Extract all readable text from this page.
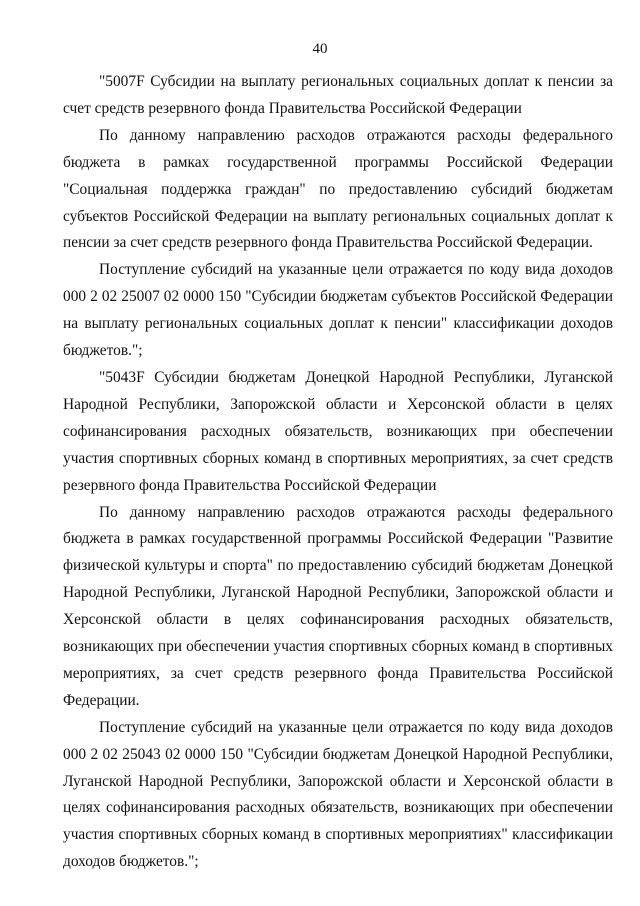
40

"5007F Субсидии на выплату региональных социальных доплат к пенсии за счет средств резервного фонда Правительства Российской Федерации

По данному направлению расходов отражаются расходы федерального бюджета в рамках государственной программы Российской Федерации "Социальная поддержка граждан" по предоставлению субсидий бюджетам субъектов Российской Федерации на выплату региональных социальных доплат к пенсии за счет средств резервного фонда Правительства Российской Федерации.

Поступление субсидий на указанные цели отражается по коду вида доходов 000 2 02 25007 02 0000 150 "Субсидии бюджетам субъектов Российской Федерации на выплату региональных социальных доплат к пенсии" классификации доходов бюджетов.";

"5043F Субсидии бюджетам Донецкой Народной Республики, Луганской Народной Республики, Запорожской области и Херсонской области в целях софинансирования расходных обязательств, возникающих при обеспечении участия спортивных сборных команд в спортивных мероприятиях, за счет средств резервного фонда Правительства Российской Федерации

По данному направлению расходов отражаются расходы федерального бюджета в рамках государственной программы Российской Федерации "Развитие физической культуры и спорта" по предоставлению субсидий бюджетам Донецкой Народной Республики, Луганской Народной Республики, Запорожской области и Херсонской области в целях софинансирования расходных обязательств, возникающих при обеспечении участия спортивных сборных команд в спортивных мероприятиях, за счет средств резервного фонда Правительства Российской Федерации.

Поступление субсидий на указанные цели отражается по коду вида доходов 000 2 02 25043 02 0000 150 "Субсидии бюджетам Донецкой Народной Республики, Луганской Народной Республики, Запорожской области и Херсонской области в целях софинансирования расходных обязательств, возникающих при обеспечении участия спортивных сборных команд в спортивных мероприятиях" классификации доходов бюджетов.";
